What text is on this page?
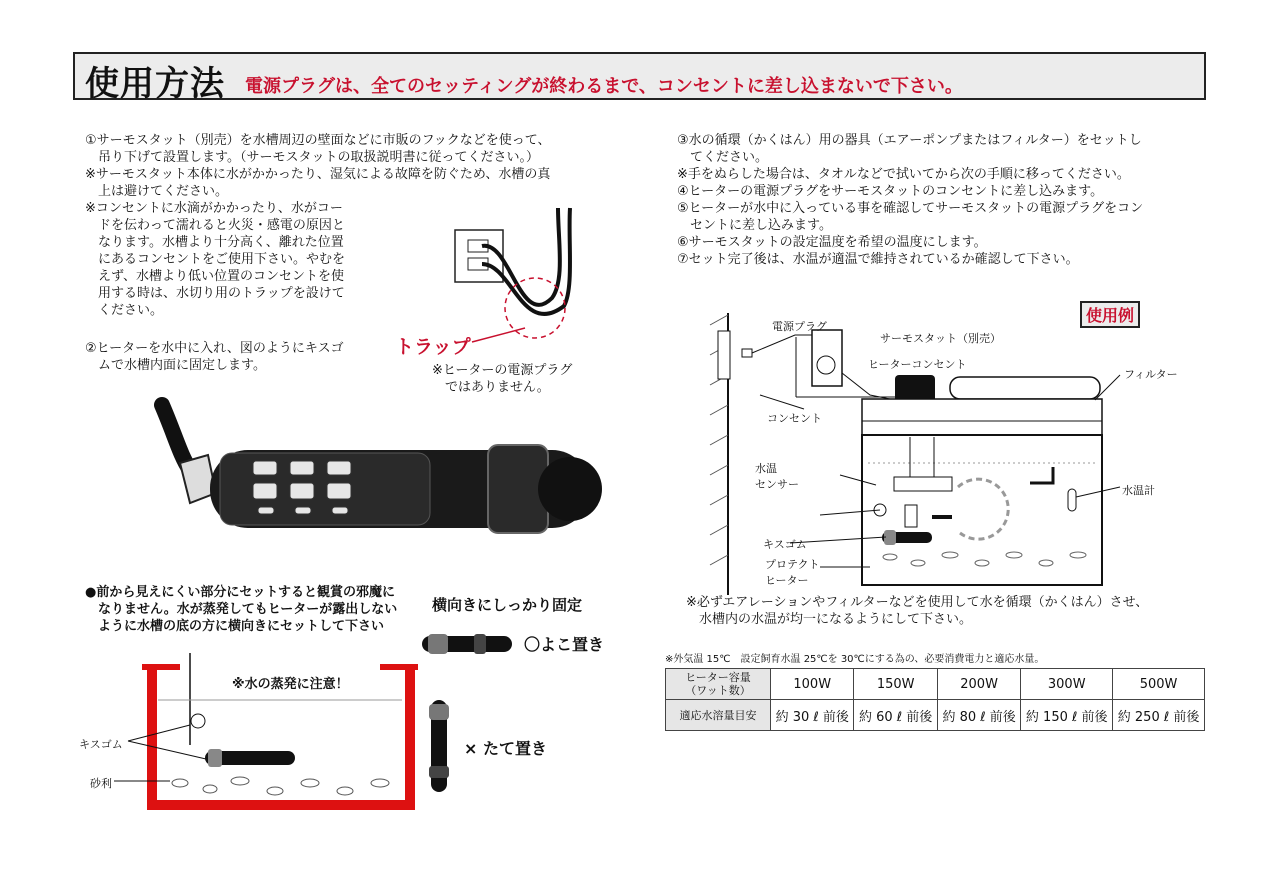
使用方法 電源プラグは、全てのセッティングが終わるまで、コンセントに差し込まないで下さい。
①サーモスタット（別売）を水槽周辺の壁面などに市販のフックなどを使って、
吊り下げて設置します。（サーモスタットの取扱説明書に従ってください。）
※サーモスタット本体に水がかかったり、湿気による故障を防ぐため、水槽の真
上は避けてください。
※コンセントに水滴がかかったり、水がコー
ドを伝わって濡れると火災・感電の原因と
なります。水槽より十分高く、離れた位置
にあるコンセントをご使用下さい。やむを
えず、水槽より低い位置のコンセントを使
用する時は、水切り用のトラップを設けて
ください。
②ヒーターを水中に入れ、図のようにキスゴ
ムで水槽内面に固定します。
トラップ
※ヒーターの電源プラグ
ではありません。
●前から見えにくい部分にセットすると観賞の邪魔に
なりません。水が蒸発してもヒーターが露出しない
ように水槽の底の方に横向きにセットして下さい
横向きにしっかり固定
〇よこ置き
× たて置き
※水の蒸発に注意！
キスゴム
砂利
③水の循環（かくはん）用の器具（エアーポンプまたはフィルター）をセットし
てください。
※手をぬらした場合は、タオルなどで拭いてから次の手順に移ってください。
④ヒーターの電源プラグをサーモスタットのコンセントに差し込みます。
⑤ヒーターが水中に入っている事を確認してサーモスタットの電源プラグをコン
セントに差し込みます。
⑥サーモスタットの設定温度を希望の温度にします。
⑦セット完了後は、水温が適温で維持されているか確認して下さい。
使用例
電源プラグ
サーモスタット（別売）
ヒーターコンセント
フィルター
コンセント
水温
センサー	水温計
キスゴム
プロテクト
ヒーター
※必ずエアレーションやフィルターなどを使用して水を循環（かくはん）させ、
水槽内の水温が均一になるようにして下さい。
※外気温 15℃　設定飼育水温 25℃を 30℃にする為の、必要消費電力と適応水量。
ヒーター容量
（ワット数）	100W	150W	200W	300W	500W
適応水溶量目安	約 30 ℓ 前後	約 60 ℓ 前後	約 80 ℓ 前後	約 150 ℓ 前後	約 250 ℓ 前後
